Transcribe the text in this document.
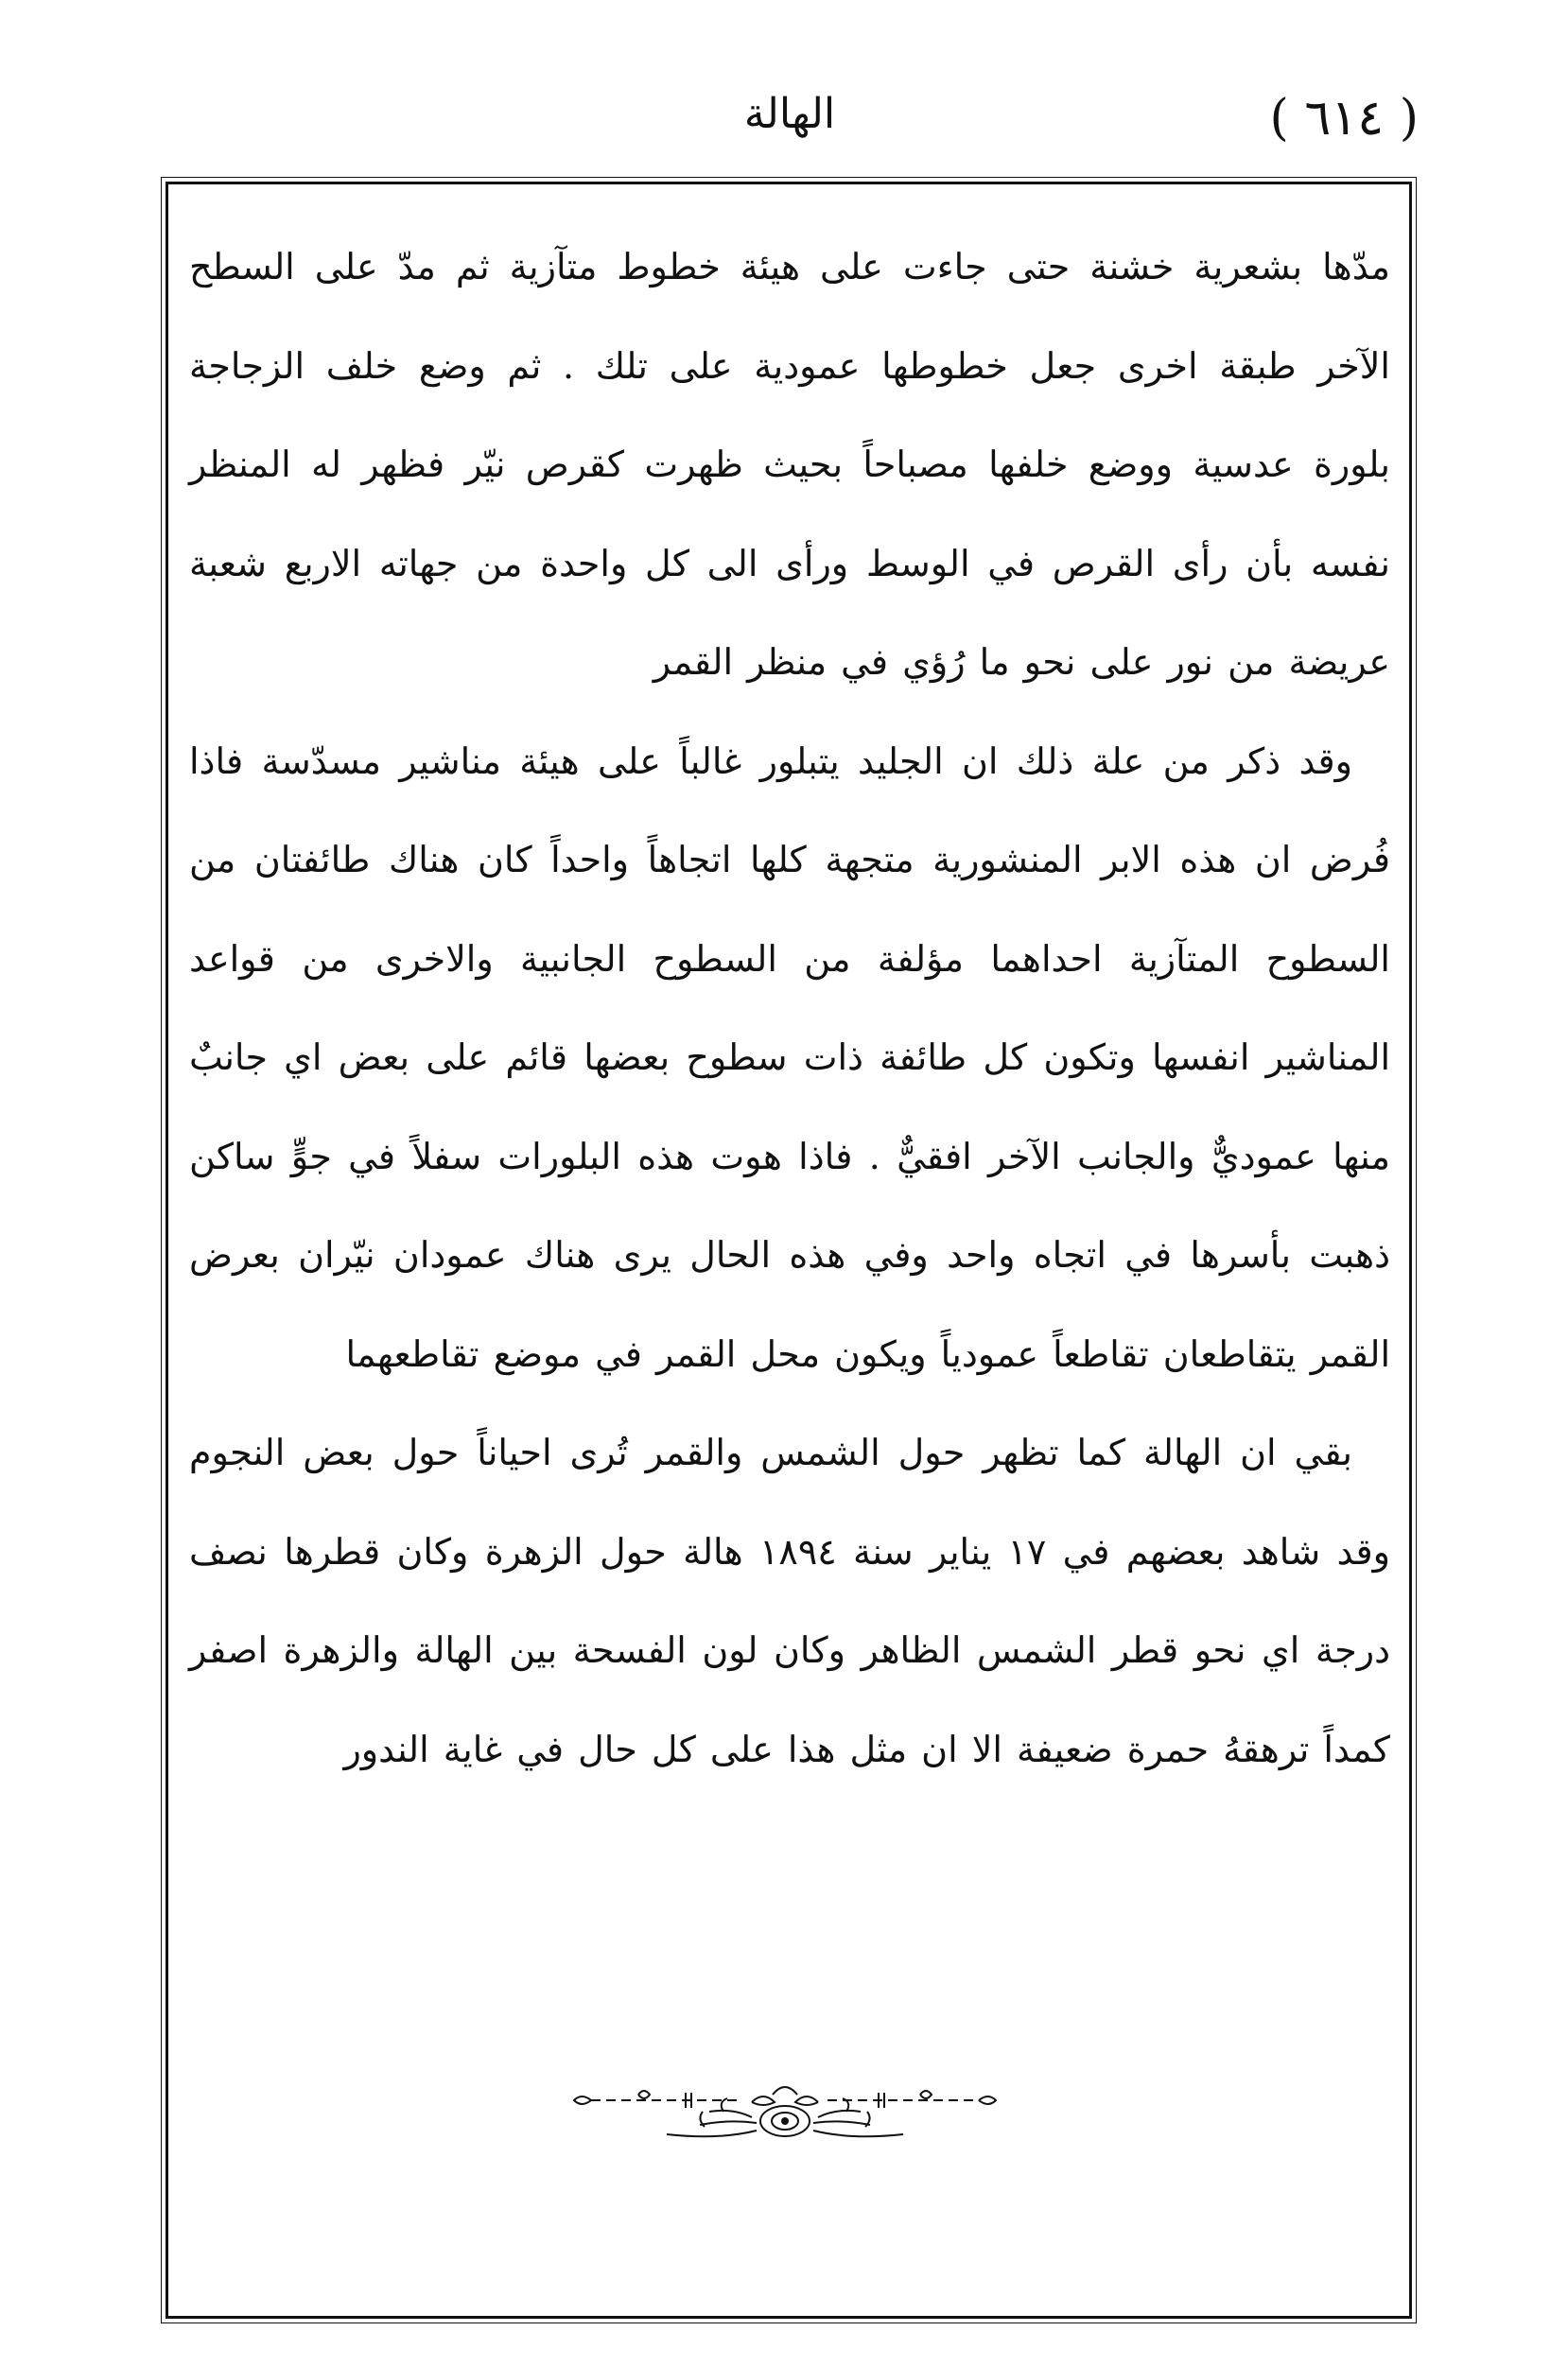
( ٦١٤ )
الهالة

مدّها بشعرية خشنة حتى جاءت على هيئة خطوط متآزية ثم مدّ على السطح الآخر طبقة اخرى جعل خطوطها عمودية على تلك . ثم وضع خلف الزجاجة بلورة عدسية ووضع خلفها مصباحاً بحيث ظهرت كقرص نيّر فظهر له المنظر نفسه بأن رأى القرص في الوسط ورأى الى كل واحدة من جهاته الاربع شعبة عريضة من نور على نحو ما رُؤي في منظر القمر

وقد ذكر من علة ذلك ان الجليد يتبلور غالباً على هيئة مناشير مسدّسة فاذا فُرض ان هذه الابر المنشورية متجهة كلها اتجاهاً واحداً كان هناك طائفتان من السطوح المتآزية احداهما مؤلفة من السطوح الجانبية والاخرى من قواعد المناشير انفسها وتكون كل طائفة ذات سطوح بعضها قائم على بعض اي جانبٌ منها عموديٌّ والجانب الآخر افقيٌّ . فاذا هوت هذه البلورات سفلاً في جوٍّ ساكن ذهبت بأسرها في اتجاه واحد وفي هذه الحال يرى هناك عمودان نيّران بعرض القمر يتقاطعان تقاطعاً عمودياً ويكون محل القمر في موضع تقاطعهما

بقي ان الهالة كما تظهر حول الشمس والقمر تُرى احياناً حول بعض النجوم وقد شاهد بعضهم في ١٧ يناير سنة ١٨٩٤ هالة حول الزهرة وكان قطرها نصف درجة اي نحو قطر الشمس الظاهر وكان لون الفسحة بين الهالة والزهرة اصفر كمداً ترهقهُ حمرة ضعيفة الا ان مثل هذا على كل حال في غاية الندور
